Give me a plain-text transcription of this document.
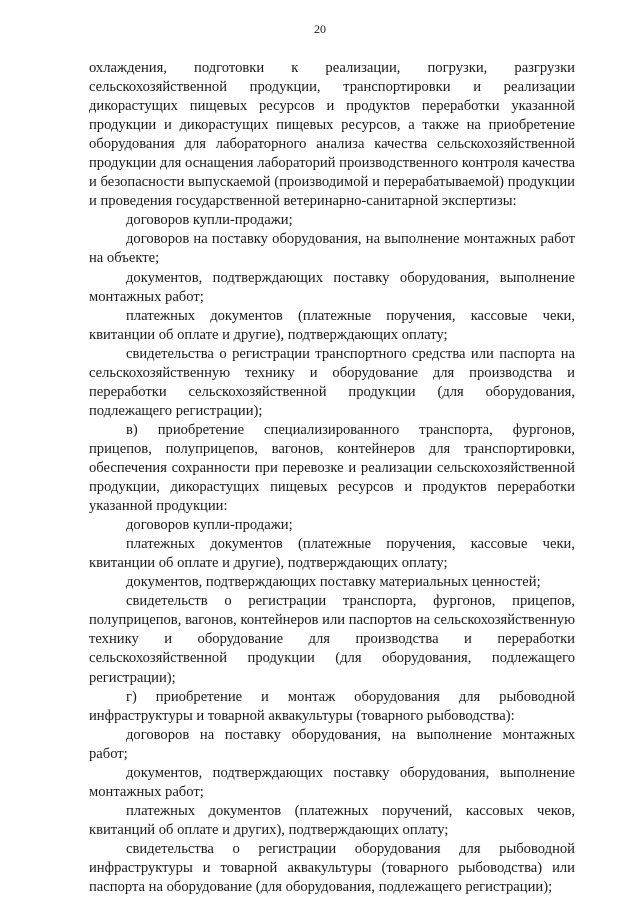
20

охлаждения, подготовки к реализации, погрузки, разгрузки сельскохозяйственной продукции, транспортировки и реализации дикорастущих пищевых ресурсов и продуктов переработки указанной продукции и дикорастущих пищевых ресурсов, а также на приобретение оборудования для лабораторного анализа качества сельскохозяйственной продукции для оснащения лабораторий производственного контроля качества и безопасности выпускаемой (производимой и перерабатываемой) продукции и проведения государственной ветеринарно-санитарной экспертизы:

договоров купли-продажи;

договоров на поставку оборудования, на выполнение монтажных работ на объекте;

документов, подтверждающих поставку оборудования, выполнение монтажных работ;

платежных документов (платежные поручения, кассовые чеки, квитанции об оплате и другие), подтверждающих оплату;

свидетельства о регистрации транспортного средства или паспорта на сельскохозяйственную технику и оборудование для производства и переработки сельскохозяйственной продукции (для оборудования, подлежащего регистрации);

в) приобретение специализированного транспорта, фургонов, прицепов, полуприцепов, вагонов, контейнеров для транспортировки, обеспечения сохранности при перевозке и реализации сельскохозяйственной продукции, дикорастущих пищевых ресурсов и продуктов переработки указанной продукции:

договоров купли-продажи;

платежных документов (платежные поручения, кассовые чеки, квитанции об оплате и другие), подтверждающих оплату;

документов, подтверждающих поставку материальных ценностей;

свидетельств о регистрации транспорта, фургонов, прицепов, полуприцепов, вагонов, контейнеров или паспортов на сельскохозяйственную технику и оборудование для производства и переработки сельскохозяйственной продукции (для оборудования, подлежащего регистрации);

г) приобретение и монтаж оборудования для рыбоводной инфраструктуры и товарной аквакультуры (товарного рыбоводства):

договоров на поставку оборудования, на выполнение монтажных работ;

документов, подтверждающих поставку оборудования, выполнение монтажных работ;

платежных документов (платежных поручений, кассовых чеков, квитанций об оплате и других), подтверждающих оплату;

свидетельства о регистрации оборудования для рыбоводной инфраструктуры и товарной аквакультуры (товарного рыбоводства) или паспорта на оборудование (для оборудования, подлежащего регистрации);
